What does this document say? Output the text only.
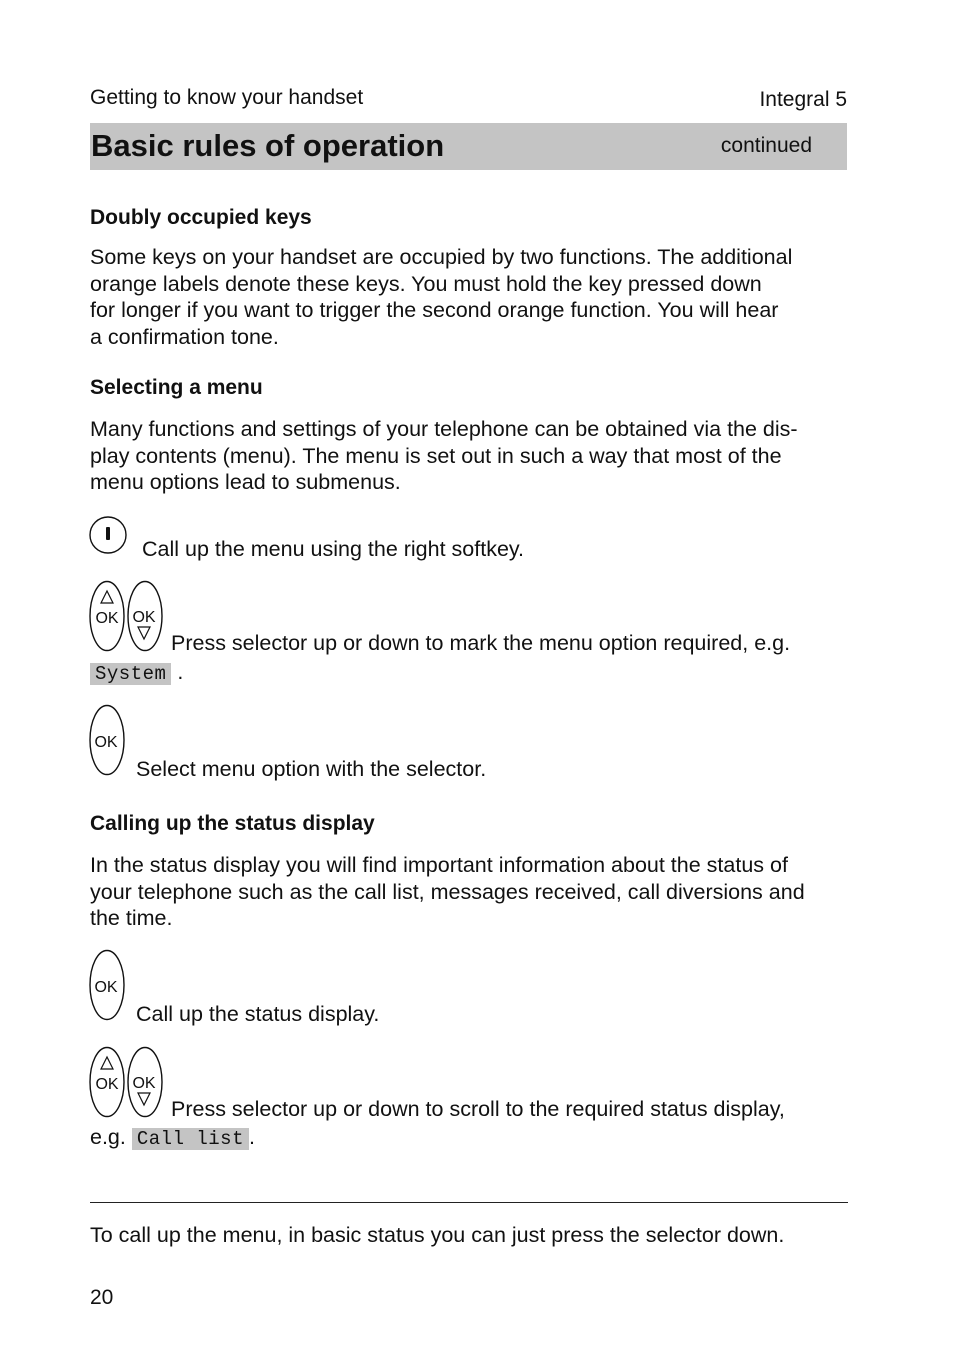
Getting to know your handset	Integral 5
Basic rules of operation	continued
Doubly occupied keys
Some keys on your handset are occupied by two functions. The additional
orange labels denote these keys. You must hold the key pressed down
for longer if you want to trigger the second orange function. You will hear
a confirmation tone.
Selecting a menu
Many functions and settings of your telephone can be obtained via the dis-
play contents (menu). The menu is set out in such a way that most of the
menu options lead to submenus.
Call up the menu using the right softkey.
OK OK
Press selector up or down to mark the menu option required, e.g.
System .
OK
Select menu option with the selector.
Calling up the status display
In the status display you will find important information about the status of
your telephone such as the call list, messages received, call diversions and
the time.
OK
Call up the status display.
OK OK
Press selector up or down to scroll to the required status display,
e.g. Call list .
To call up the menu, in basic status you can just press the selector down.
20
